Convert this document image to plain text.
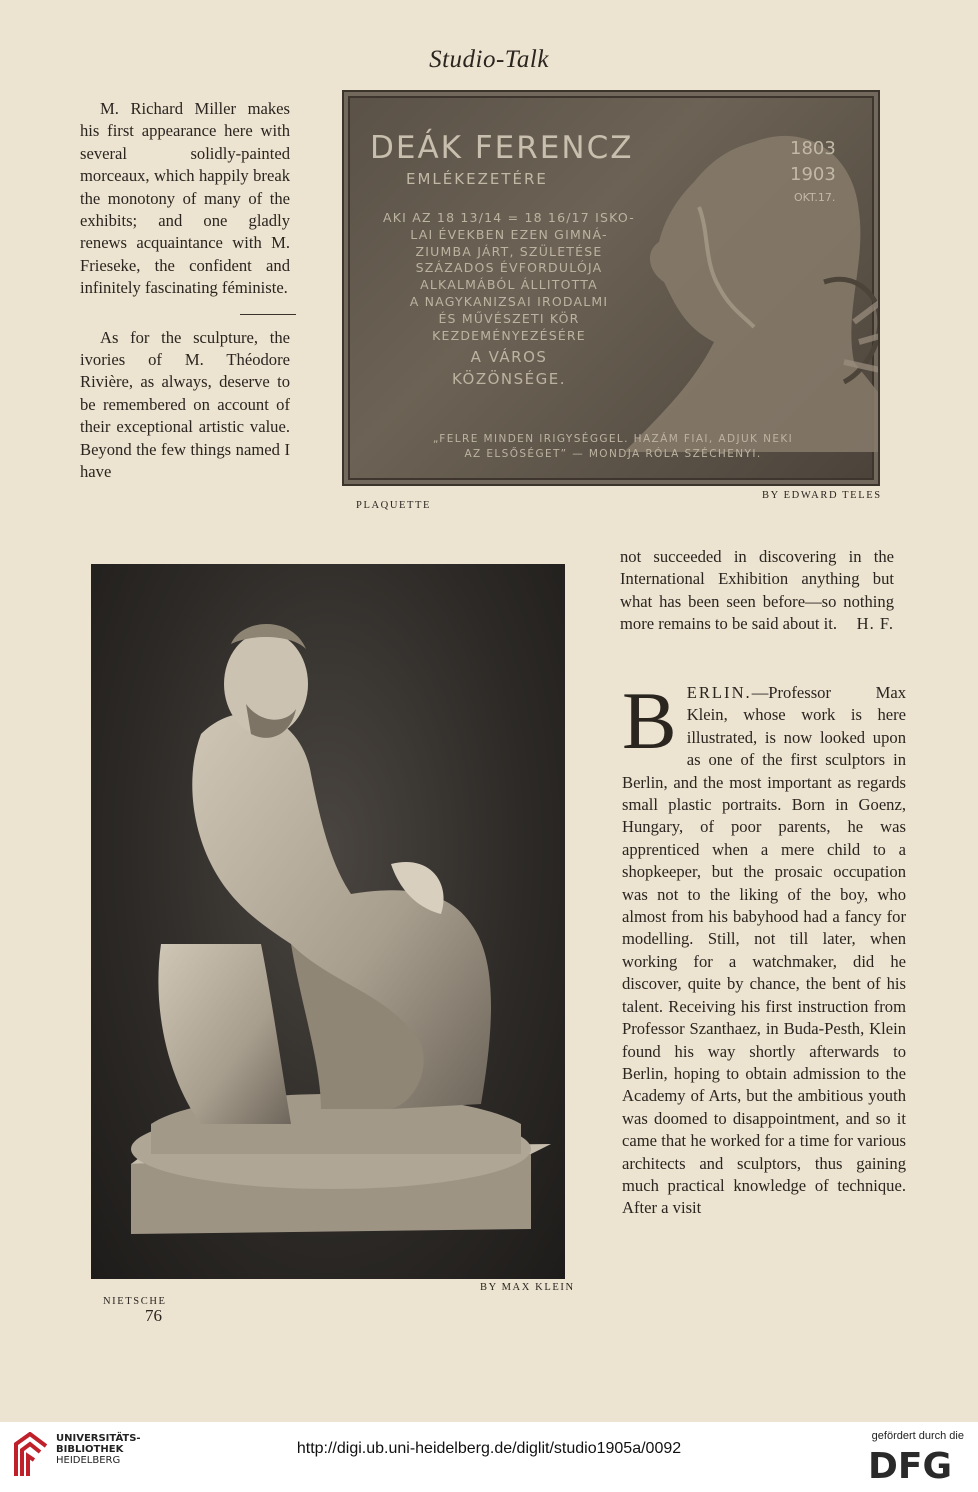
Studio-Talk

M. Richard Miller makes his first appearance here with several solidly-painted morceaux, which happily break the monotony of many of the exhibits; and one gladly renews acquaintance with M. Frieseke, the confident and infinitely fascinating féministe.

As for the sculpture, the ivories of M. Théodore Rivière, as always, deserve to be remembered on account of their exceptional artistic value. Beyond the few things named I have

DEÁK FERENCZ
EMLÉKEZETÉRE
1803
1903
OKT.17.
AKI AZ 18 13/14 = 18 16/17 ISKO-
LAI ÉVEKBEN EZEN GIMNÁ-
ZIUMBA JÁRT, SZÜLETÉSE
SZÁZADOS ÉVFORDULÓJA
ALKALMÁBÓL ÁLLITOTTA
A NAGYKANIZSAI IRODALMI
ÉS MŰVÉSZETI KÖR
KEZDEMÉNYEZÉSÉRE
A VÁROS
KÖZÖNSÉGE.
„FELRE MINDEN IRIGYSÉGGEL. HAZÁM FIAI, ADJUK NEKI
AZ ELSŐSÉGET” — MONDJA RÓLA SZÉCHENYI.
PLAQUETTE
BY EDWARD TELES
NIETSCHE
BY MAX KLEIN

not succeeded in discovering in the International Exhibition anything but what has been seen before—so nothing more remains to be said about it. H. F.

BERLIN.—Professor Max Klein, whose work is here illustrated, is now looked upon as one of the first sculptors in Berlin, and the most important as regards small plastic portraits. Born in Goenz, Hungary, of poor parents, he was apprenticed when a mere child to a shopkeeper, but the prosaic occupation was not to the liking of the boy, who almost from his babyhood had a fancy for modelling. Still, not till later, when working for a watchmaker, did he discover, quite by chance, the bent of his talent. Receiving his first instruction from Professor Szanthaez, in Buda-Pesth, Klein found his way shortly afterwards to Berlin, hoping to obtain admission to the Academy of Arts, but the ambitious youth was doomed to disappointment, and so it came that he worked for a time for various architects and sculptors, thus gaining much practical knowledge of technique. After a visit

76
UNIVERSITÄTS-
BIBLIOTHEK
HEIDELBERG
http://digi.ub.uni-heidelberg.de/diglit/studio1905a/0092
gefördert durch die
DFG
